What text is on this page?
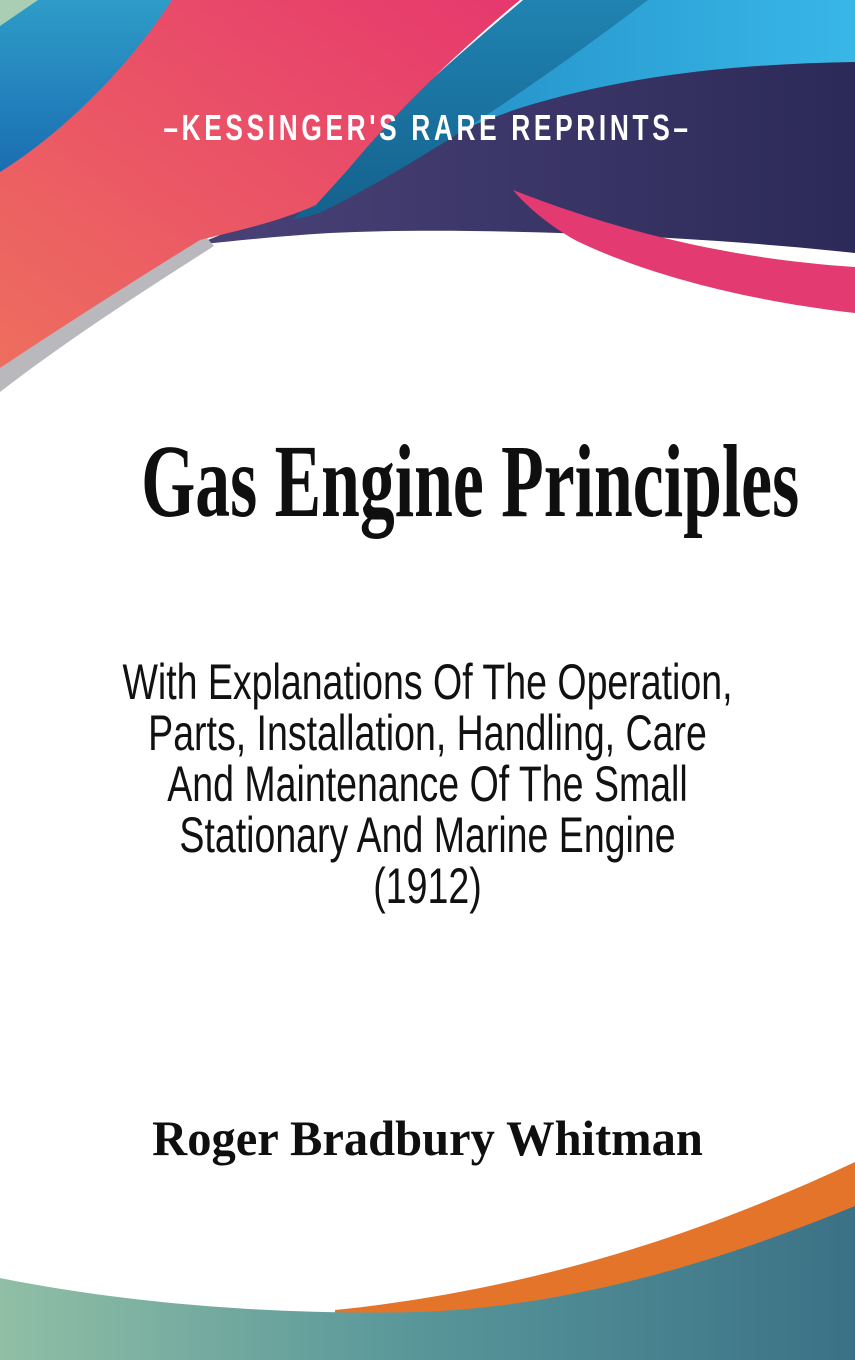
–KESSINGER'S RARE REPRINTS–
Gas Engine Principles
With Explanations Of The Operation,
Parts, Installation, Handling, Care
And Maintenance Of The Small
Stationary And Marine Engine
(1912)
Roger Bradbury Whitman
